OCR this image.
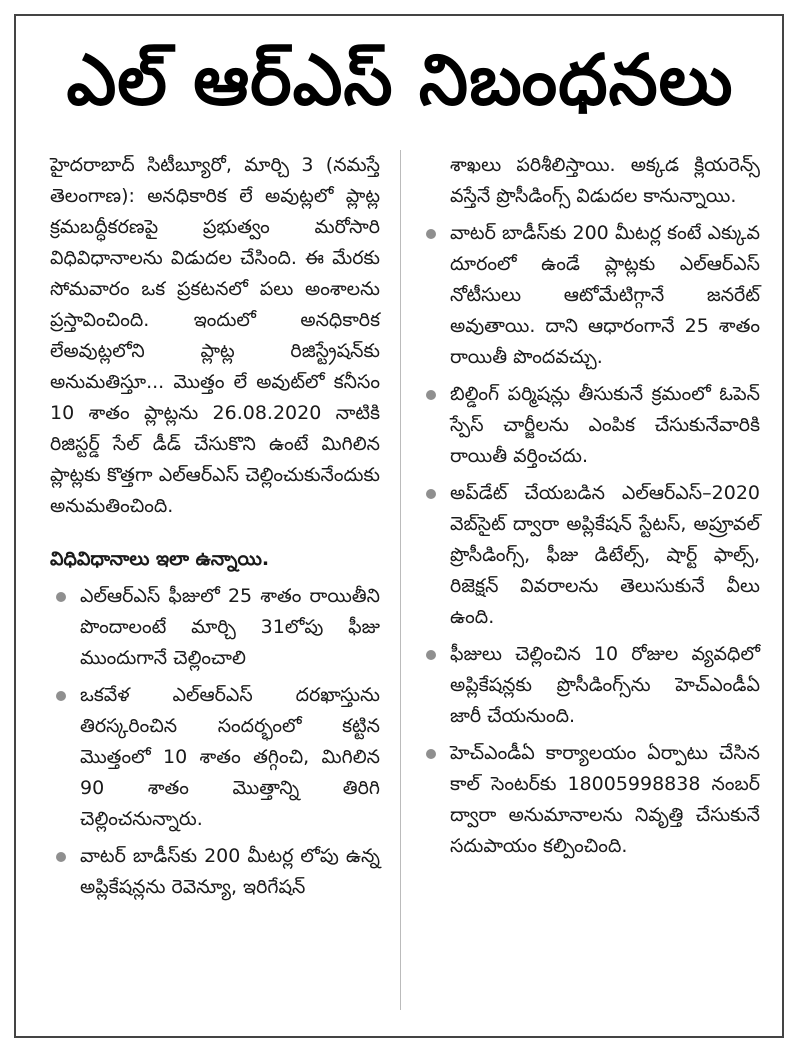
ఎల్ ఆర్ఎస్ నిబంధనలు

హైదరాబాద్ సిటీబ్యూరో, మార్చి 3 (నమస్తే తెలంగాణ): అనధికారిక లే అవుట్లలో ప్లాట్ల క్రమబద్ధీకరణపై ప్రభుత్వం మరోసారి విధివిధానాలను విడుదల చేసింది. ఈ మేరకు సోమవారం ఒక ప్రకటనలో పలు అంశాలను ప్రస్తావించింది. ఇందులో అనధికారిక లేఅవుట్లలోని ప్లాట్ల రిజిస్ట్రేషన్‌కు అనుమతిస్తూ... మొత్తం లే అవుట్‌లో కనీసం 10 శాతం ప్లాట్లను 26.08.2020 నాటికి రిజిస్టర్డ్ సేల్ డీడ్ చేసుకొని ఉంటే మిగిలిన ప్లాట్లకు కొత్తగా ఎల్ఆర్ఎస్ చెల్లించుకునేందుకు అనుమతించింది.

విధివిధానాలు ఇలా ఉన్నాయి.
ఎల్ఆర్ఎస్ ఫీజులో 25 శాతం రాయితీని పొందాలంటే మార్చి 31లోపు ఫీజు ముందుగానే చెల్లించాలి
ఒకవేళ ఎల్ఆర్ఎస్ దరఖాస్తును తిరస్కరించిన సందర్భంలో కట్టిన మొత్తంలో 10 శాతం తగ్గించి, మిగిలిన 90 శాతం మొత్తాన్ని తిరిగి చెల్లించనున్నారు.
వాటర్ బాడీస్‌కు 200 మీటర్ల లోపు ఉన్న అప్లికేషన్లను రెవెన్యూ, ఇరిగేషన్
శాఖలు పరిశీలిస్తాయి. అక్కడ క్లియరెన్స్ వస్తేనే ప్రొసీడింగ్స్ విడుదల కానున్నాయి.
వాటర్ బాడీస్‌కు 200 మీటర్ల కంటే ఎక్కువ దూరంలో ఉండే ప్లాట్లకు ఎల్ఆర్ఎస్ నోటీసులు ఆటోమేటిగ్గానే జనరేట్ అవుతాయి. దాని ఆధారంగానే 25 శాతం రాయితీ పొందవచ్చు.
బిల్డింగ్ పర్మిషన్లు తీసుకునే క్రమంలో ఓపెన్ స్పేస్ చార్జీలను ఎంపిక చేసుకునేవారికి రాయితీ వర్తించదు.
అప్‌డేట్ చేయబడిన ఎల్ఆర్ఎస్–2020 వెబ్‌సైట్ ద్వారా అప్లికేషన్ స్టేటస్, అప్రూవల్ ప్రొసీడింగ్స్, ఫీజు డిటేల్స్, షార్ట్ ఫాల్స్, రిజెక్షన్ వివరాలను తెలుసుకునే వీలు ఉంది.
ఫీజులు చెల్లించిన 10 రోజుల వ్యవధిలో అప్లికేషన్లకు ప్రొసీడింగ్స్‌ను హెచ్ఎండీఏ జారీ చేయనుంది.
హెచ్ఎండీఏ కార్యాలయం ఏర్పాటు చేసిన కాల్ సెంటర్‌కు 18005998838 నంబర్ ద్వారా అనుమానాలను నివృత్తి చేసుకునే సదుపాయం కల్పించింది.
